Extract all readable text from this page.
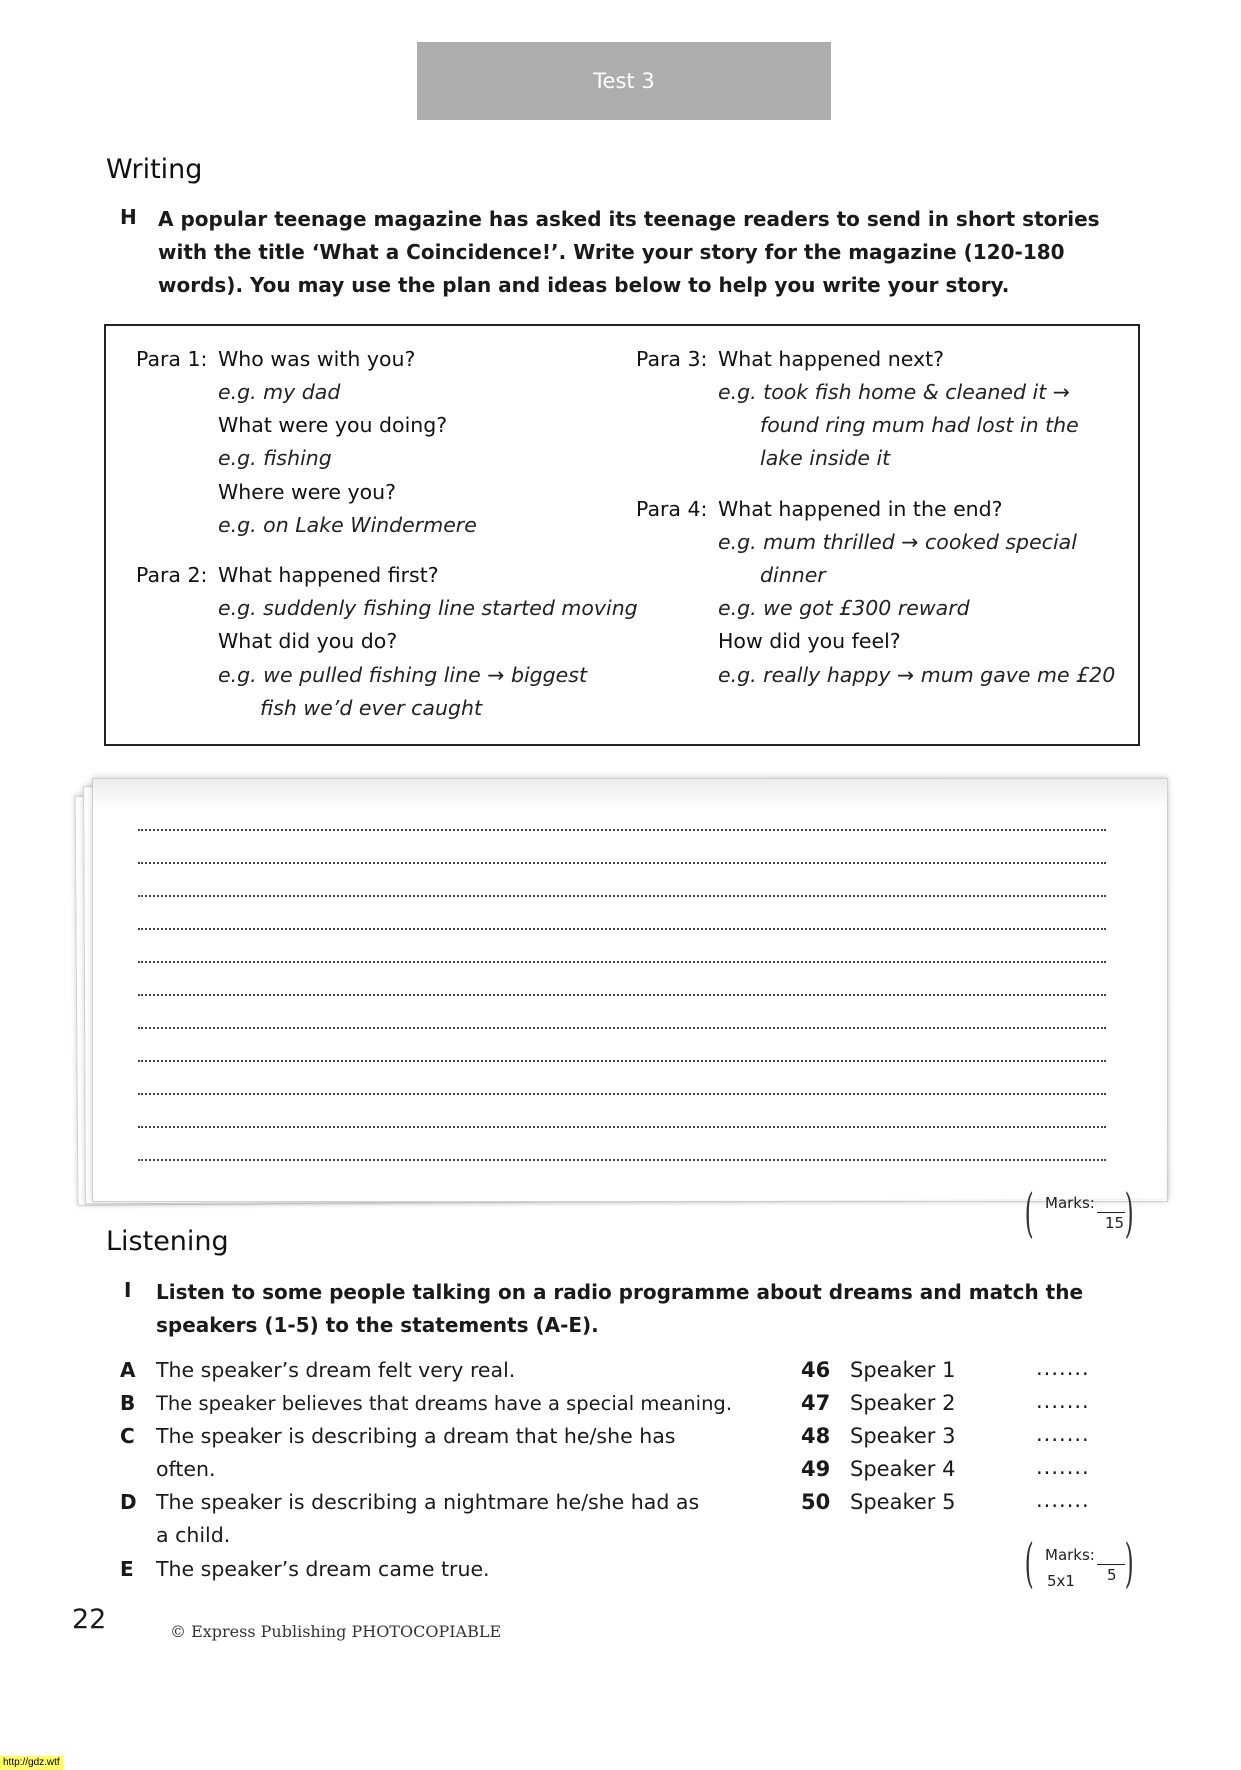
Test 3
Writing
H A popular teenage magazine has asked its teenage readers to send in short stories with the title ‘What a Coincidence!’. Write your story for the magazine (120-180 words). You may use the plan and ideas below to help you write your story.
Para 1: Who was with you?
e.g. my dad
What were you doing?
e.g. fishing
Where were you?
e.g. on Lake Windermere
Para 2: What happened first?
e.g. suddenly fishing line started moving
What did you do?
e.g. we pulled fishing line → biggest
fish we’d ever caught
Para 3: What happened next?
e.g. took fish home & cleaned it →
found ring mum had lost in the
lake inside it
Para 4: What happened in the end?
e.g. mum thrilled → cooked special
dinner
e.g. we got £300 reward
How did you feel?
e.g. really happy → mum gave me £20
( Marks:
15 )
Listening
I Listen to some people talking on a radio programme about dreams and match the speakers (1-5) to the statements (A-E).
A The speaker’s dream felt very real.
B The speaker believes that dreams have a special meaning.
C The speaker is describing a dream that he/she has often.
D The speaker is describing a nightmare he/she had as a child.
E The speaker’s dream came true.
46 Speaker 1	.......
47 Speaker 2	.......
48 Speaker 3	.......
49 Speaker 4	.......
50 Speaker 5	.......
( Marks:
5
5x1 )
22	© Express Publishing PHOTOCOPIABLE
http://gdz.wtf
